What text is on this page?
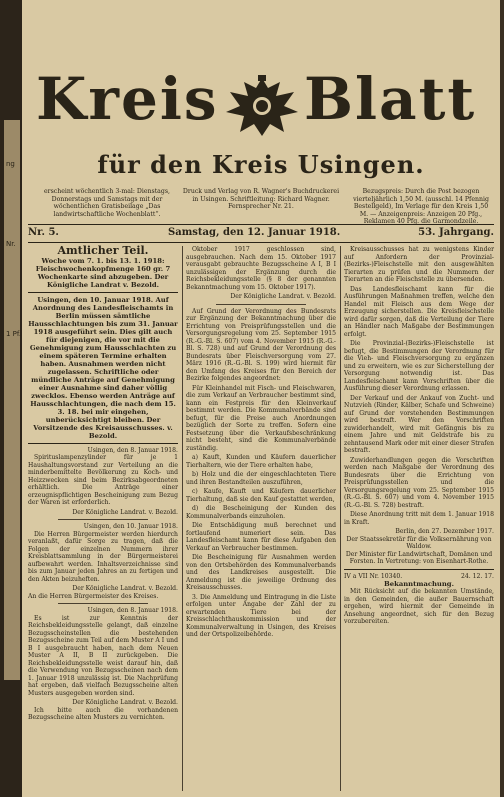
ng
Nr.
1 Pf.
Kreis Blatt
für den Kreis Usingen.
erscheint wöchentlich 3-mal: Dienstags, Donnerstags und Samstags mit der wöchentlichen Gratisbeilage „Das landwirtschaftliche Wochenblatt“.
Druck und Verlag von R. Wagner's Buchdruckerei in Usingen. Schriftleitung: Richard Wagner. Fernsprecher Nr. 21.
Bezugspreis: Durch die Post bezogen vierteljährlich 1,50 M. (ausschl. 14 Pfennig Bestellgeld), Im Verlage für den Kreis 1,50 M. — Anzeigenpreis: Anzeigen 20 Pfg., Reklamen 40 Pfg. die Garmondzeile.
Nr. 5.	Samstag, den 12. Januar 1918.	53. Jahrgang.
Amtlicher Teil.
Woche vom 7. 1. bis 13. 1. 1918: Fleischwochenkopfmenge 160 gr. 7 Wochenkarte sind abzugeben. Der Königliche Landrat v. Bezold.
Usingen, den 10. Januar 1918. Auf Anordnung des Landesfleischamts in Berlin müssen sämtliche Hausschlachtungen bis zum 31. Januar 1918 ausgeführt sein. Dies gilt auch für diejenigen, die vor mit die Genehmigung zum Hausschlachten zu einem späteren Termine erhalten haben. Ausnahmen werden nicht zugelassen. Schriftliche oder mündliche Anträge auf Genehmigung einer Ausnahme sind daher völlig zwecklos. Ebenso werden Anträge auf Hausschlachtungen, die nach dem 15. 3. 18. bei mir eingehen, unberücksichtigt bleiben. Der Vorsitzende des Kreisausschusses. v. Bezold.
Usingen, den 8. Januar 1918.

Spirituslampenzylinder für je 1 Haushaltungsvorstand zur Verteilung an die minderbemittelte Bevölkerung zu Koch- und Heizzwecken sind beim Bezirksabgeordneten erhältlich. Die Anträge einer erzeugnispflichtigen Bescheinigung zum Bezug der Waren ist erforderlich.

Der Königliche Landrat. v. Bezold.
Usingen, den 10. Januar 1918.

Die Herren Bürgermeister werden hierdurch veranlaßt, dafür Sorge zu tragen, daß die Folgen der einzelnen Nummern ihrer Kreisblattsammlung in der Bürgermeisterei aufbewahrt werden. Inhaltsverzeichnisse sind bis zum Januar jeden Jahres an zu fertigen und den Akten beizuheften.

Der Königliche Landrat. v. Bezold.
An die Herren Bürgermeister des Kreises.
Usingen, den 8. Januar 1918.

Es ist zur Kenntnis der Reichsbekleidungsstelle gelangt, daß einzelne Bezugsscheinstellen die bestehenden Bezugsscheine zum Teil auf dem Muster A I und B I ausgebraucht haben, nach dem Neuen Muster A II, B II zurückgeben. Die Reichsbekleidungsstelle weist darauf hin, daß die Verwendung von Bezugsscheinen nach dem 1. Januar 1918 unzulässig ist. Die Nachprüfung hat ergeben, daß vielfach Bezugsscheine alten Musters ausgegeben worden sind.

Der Königliche Landrat. v. Bezold.

Ich bitte auch die vorhandenen Bezugsscheine alten Musters zu vernichten.

Oktober 1917 geschlossen sind, ausgebrauchen. Nach dem 15. Oktober 1917 verausgabt gebrauchte Bezugsscheine A I, B I unzulässigen der Ergänzung durch die Reichsbekleidungsstelle (§ 8 der genannten Bekanntmachung vom 15. Oktober 1917).

Der Königliche Landrat. v. Bezold.

Auf Grund der Verordnung des Bundesrats zur Ergänzung der Bekanntmachung über die Errichtung von Preisprüfungsstellen und die Versorgungsregelung vom 25. September 1915 (R.-G.-Bl. S. 607) vom 4. November 1915 (R.-G.-Bl. S. 728) und auf Grund der Verordnung des Bundesrats über Fleischversorgung vom 27. März 1916 (R.-G.-Bl. S. 199) wird hiermit für den Umfang des Kreises für den Bereich der Bezirke folgendes angeordnet:

Für Kleinhandel mit Fisch- und Fleischwaren, die zum Verkauf an Verbraucher bestimmt sind, kann ein Festpreis für den Kleinverkauf bestimmt werden. Die Kommunalverbände sind befugt, für die Preise auch Anordnungen bezüglich der Sorte zu treffen. Sofern eine Festsetzung über die Verkaufsbeschränkung nicht besteht, sind die Kommunalverbände zuständig.

a) Kauft, Kunden und Käufern dauerlicher Tierhaltern, wie der Tiere erhalten habe,

b) Holz und die der eingeschlachteten Tiere und ihren Bestandteilen auszuführen,

c) Kaufe, Kauft und Käufern dauerlicher Tierhaltung, daß sie den Kauf gestattet werden,

d) die Bescheinigung der Kunden des Kommunalverbands einzuholen.

Die Entschädigung muß berechnet und fortlaufend numeriert sein. Das Landesfleischamt kann für diese Aufgaben den Verkauf an Verbraucher bestimmen.

Die Bescheinigung für Ausnahmen werden von den Ortsbehörden des Kommunalverbands und des Landkreises ausgestellt. Die Anmeldung ist die jeweilige Ordnung des Kreisausschusses.

3. Die Anmeldung und Eintragung in die Liste erfolgen unter Angabe der Zahl der zu erwartenden Tiere bei der Kreisschlachthauskommission und der Kommunalverwaltung in Usingen, des Kreises und der Ortspolizeibehörde.

Kreisausschusses hat zu wenigstens Kinder auf Anfordern der Provinzial-(Bezirks-)Fleischstelle mit den ausgewählten Tierarten zu prüfen und die Nummern der Tierarten an die Fleischstelle zu übersenden.

Das Landesfleischamt kann für die Ausführungen Maßnahmen treffen, welche den Handel mit Fleisch aus dem Wege der Erzeugung sicherstellen. Die Kreisfleischstelle wird dafür sorgen, daß die Verteilung der Tiere an Händler nach Maßgabe der Bestimmungen erfolgt.

Die Provinzial-(Bezirks-)Fleischstelle ist befugt, die Bestimmungen der Verordnung für die Vieh- und Fleischversorgung zu ergänzen und zu erweitern, wie es zur Sicherstellung der Versorgung notwendig ist. Das Landesfleischamt kann Vorschriften über die Ausführung dieser Verordnung erlassen.

Der Verkauf und der Ankauf von Zucht- und Nutzvieh (Rinder, Kälber, Schafe und Schweine) auf Grund der vorstehenden Bestimmungen wird bestraft. Wer den Vorschriften zuwiderhandelt, wird mit Gefängnis bis zu einem Jahre und mit Geldstrafe bis zu zehntausend Mark oder mit einer dieser Strafen bestraft.

Zuwiderhandlungen gegen die Vorschriften werden nach Maßgabe der Verordnung des Bundesrats über die Errichtung von Preisprüfungsstellen und die Versorgungsregelung vom 25. September 1915 (R.-G.-Bl. S. 607) und vom 4. November 1915 (R.-G.-Bl. S. 728) bestraft.

Diese Anordnung tritt mit dem 1. Januar 1918 in Kraft.

Berlin, den 27. Dezember 1917.
Der Staatssekretär für die Volksernährung von Waldow.
Der Minister für Landwirtschaft, Domänen und Forsten. In Vertretung: von Eisenhart-Rothe.
IV a VII Nr. 10340.	24. 12. 17.
Bekanntmachung.

Mit Rücksicht auf die bekannten Umstände, in den Gemeinden, die außer Bauernschaft ergehen, wird hiermit der Gemeinde in Ansehung angeordnet, sich für den Bezug vorzubereiten.
